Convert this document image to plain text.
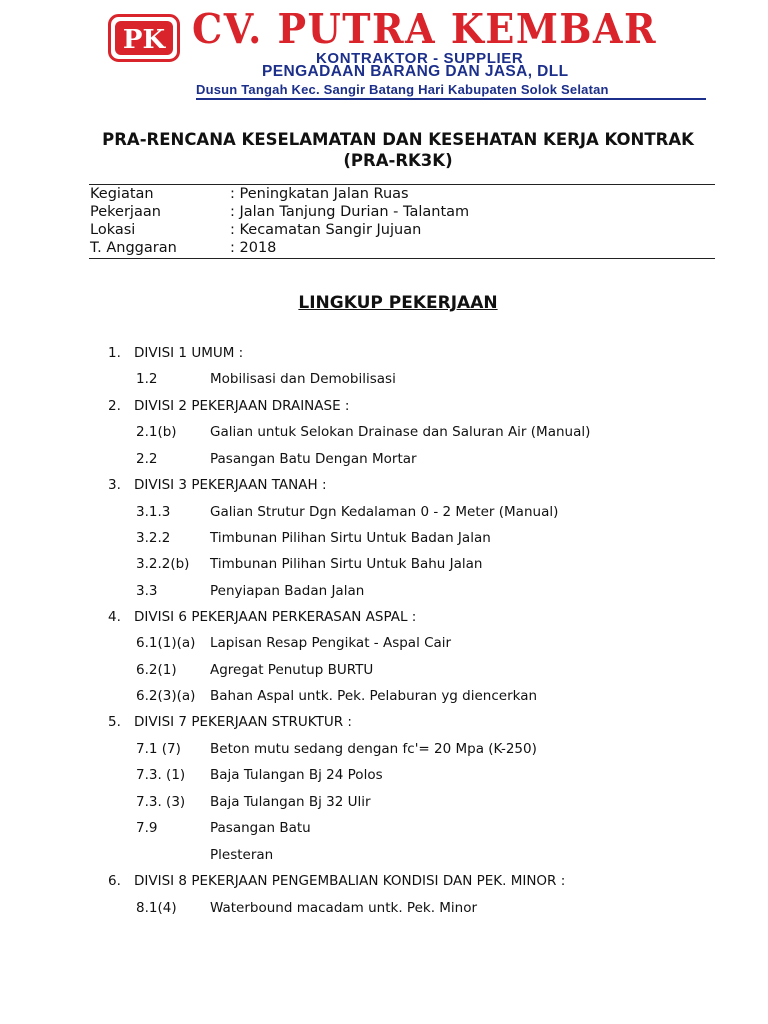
PK CV. PUTRA KEMBAR
KONTRAKTOR - SUPPLIER
PENGADAAN BARANG DAN JASA, DLL
Dusun Tangah Kec. Sangir Batang Hari Kabupaten Solok Selatan
PRA-RENCANA KESELAMATAN DAN KESEHATAN KERJA KONTRAK
(PRA-RK3K)
Kegiatan	: Peningkatan Jalan Ruas
Pekerjaan	: Jalan Tanjung Durian - Talantam
Lokasi	: Kecamatan Sangir Jujuan
T. Anggaran	: 2018
LINGKUP PEKERJAAN
1. DIVISI 1 UMUM :
1.2	Mobilisasi dan Demobilisasi
2. DIVISI 2 PEKERJAAN DRAINASE :
2.1(b)	Galian untuk Selokan Drainase dan Saluran Air (Manual)
2.2	Pasangan Batu Dengan Mortar
3. DIVISI 3 PEKERJAAN TANAH :
3.1.3	Galian Strutur Dgn Kedalaman 0 - 2 Meter (Manual)
3.2.2	Timbunan Pilihan Sirtu Untuk Badan Jalan
3.2.2(b)	Timbunan Pilihan Sirtu Untuk Bahu Jalan
3.3	Penyiapan Badan Jalan
4. DIVISI 6 PEKERJAAN PERKERASAN ASPAL :
6.1(1)(a)	Lapisan Resap Pengikat - Aspal Cair
6.2(1)	Agregat Penutup BURTU
6.2(3)(a)	Bahan Aspal untk. Pek. Pelaburan yg diencerkan
5. DIVISI 7 PEKERJAAN STRUKTUR :
7.1 (7)	Beton mutu sedang dengan fc'= 20 Mpa (K-250)
7.3. (1)	Baja Tulangan Bj 24 Polos
7.3. (3)	Baja Tulangan Bj 32 Ulir
7.9	Pasangan Batu
Plesteran
6. DIVISI 8 PEKERJAAN PENGEMBALIAN KONDISI DAN PEK. MINOR :
8.1(4)	Waterbound macadam untk. Pek. Minor
